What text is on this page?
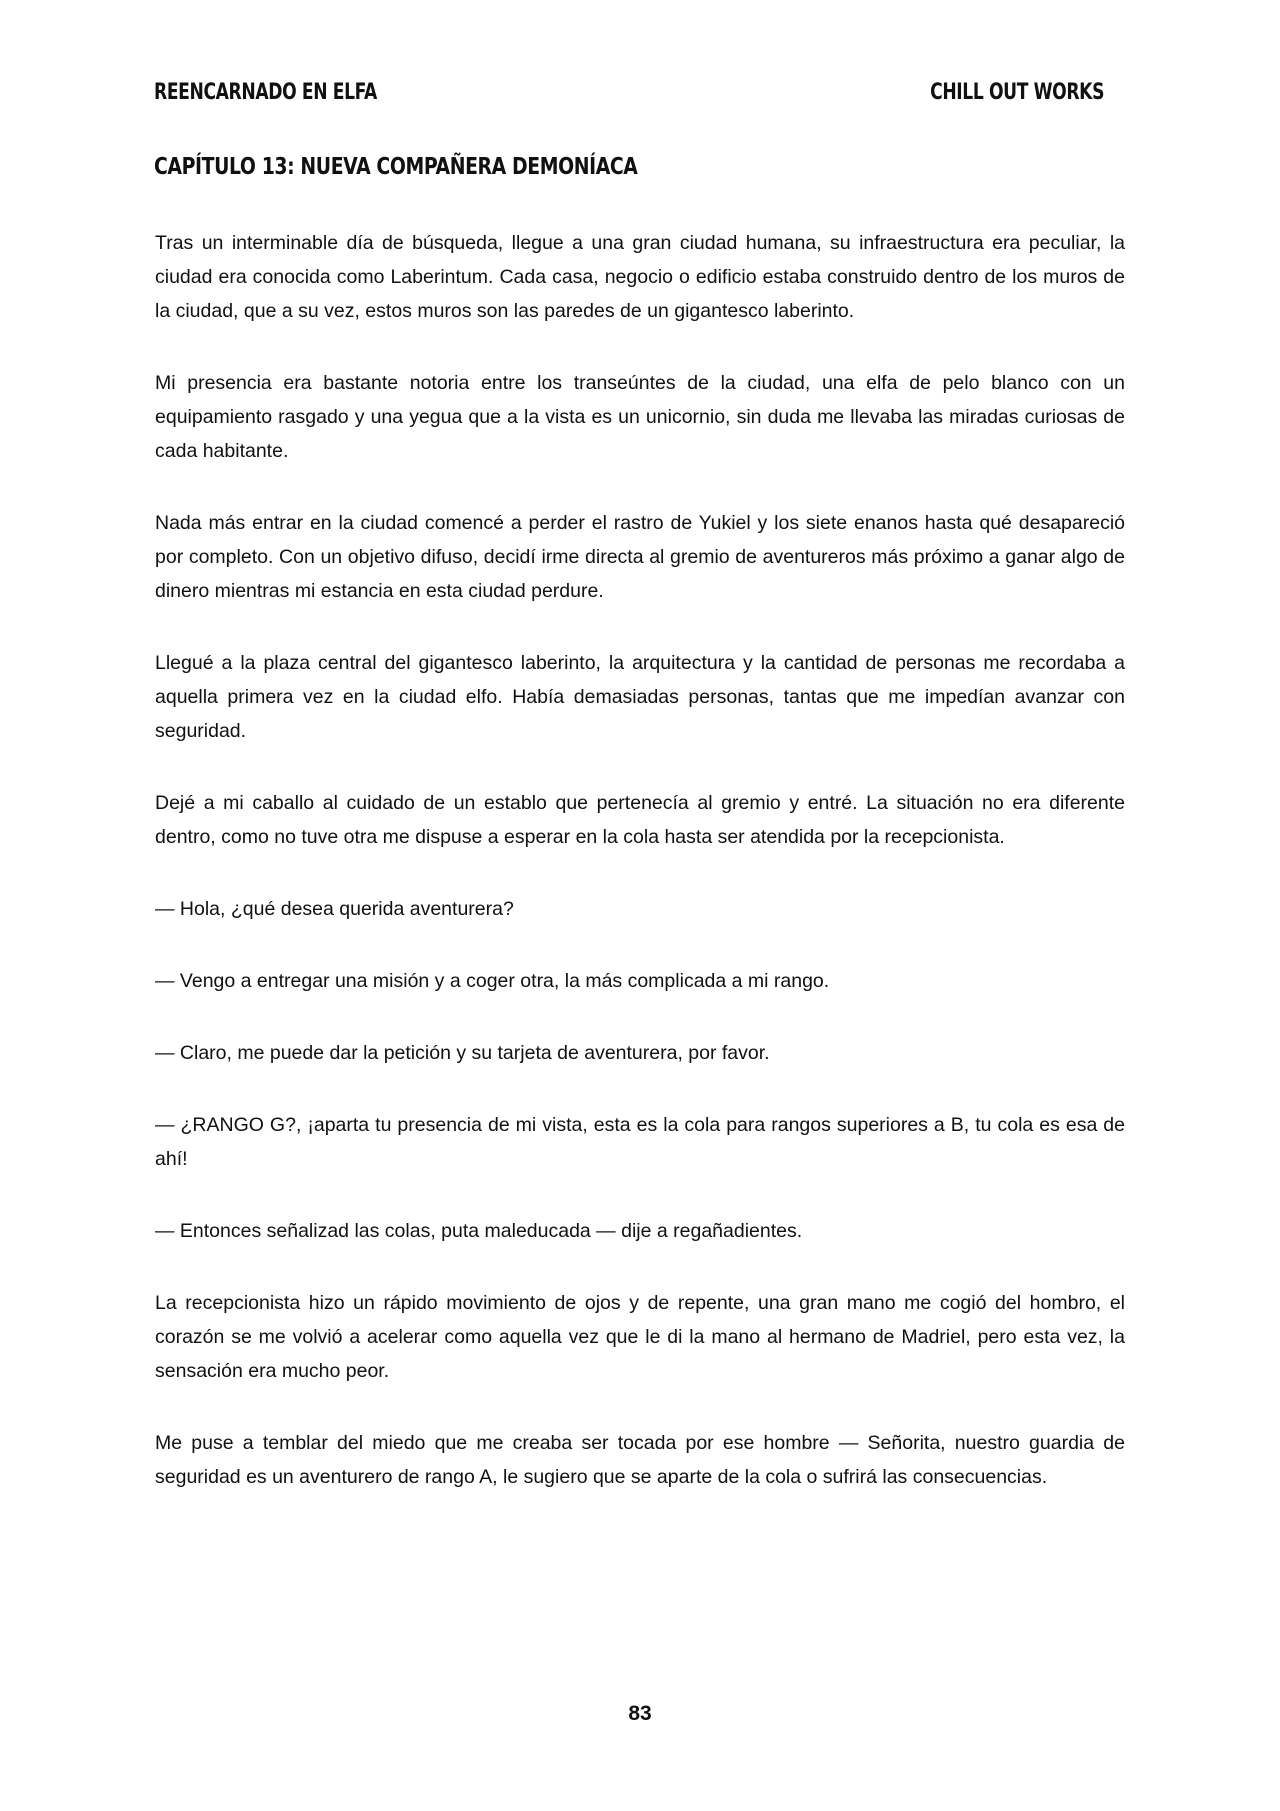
REENCARNADO EN ELFA	CHILL OUT WORKS
CAPÍTULO 13: NUEVA COMPAÑERA DEMONÍACA

Tras un interminable día de búsqueda, llegue a una gran ciudad humana, su infraestructura era peculiar, la ciudad era conocida como Laberintum. Cada casa, negocio o edificio estaba construido dentro de los muros de la ciudad, que a su vez, estos muros son las paredes de un gigantesco laberinto.

Mi presencia era bastante notoria entre los transeúntes de la ciudad, una elfa de pelo blanco con un equipamiento rasgado y una yegua que a la vista es un unicornio, sin duda me llevaba las miradas curiosas de cada habitante.

Nada más entrar en la ciudad comencé a perder el rastro de Yukiel y los siete enanos hasta qué desapareció por completo. Con un objetivo difuso, decidí irme directa al gremio de aventureros más próximo a ganar algo de dinero mientras mi estancia en esta ciudad perdure.

Llegué a la plaza central del gigantesco laberinto, la arquitectura y la cantidad de personas me recordaba a aquella primera vez en la ciudad elfo. Había demasiadas personas, tantas que me impedían avanzar con seguridad.

Dejé a mi caballo al cuidado de un establo que pertenecía al gremio y entré. La situación no era diferente dentro, como no tuve otra me dispuse a esperar en la cola hasta ser atendida por la recepcionista.

— Hola, ¿qué desea querida aventurera?

— Vengo a entregar una misión y a coger otra, la más complicada a mi rango.

— Claro, me puede dar la petición y su tarjeta de aventurera, por favor.

— ¿RANGO G?, ¡aparta tu presencia de mi vista, esta es la cola para rangos superiores a B, tu cola es esa de ahí!

— Entonces señalizad las colas, puta maleducada — dije a regañadientes.

La recepcionista hizo un rápido movimiento de ojos y de repente, una gran mano me cogió del hombro, el corazón se me volvió a acelerar como aquella vez que le di la mano al hermano de Madriel, pero esta vez, la sensación era mucho peor.

Me puse a temblar del miedo que me creaba ser tocada por ese hombre — Señorita, nuestro guardia de seguridad es un aventurero de rango A, le sugiero que se aparte de la cola o sufrirá las consecuencias.

83
